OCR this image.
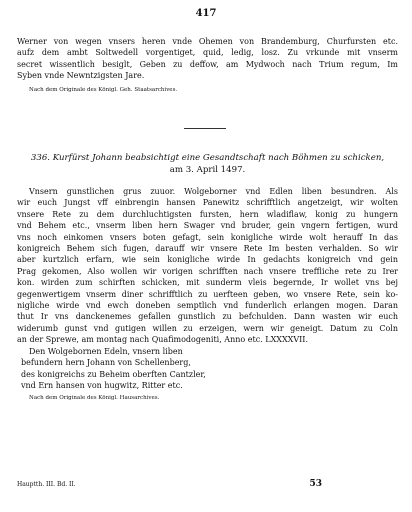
417
Werner von wegen vnsers heren vnde Ohemen von Brandemburg, Churfursten etc.
aufz dem ambt Soltwedell vorgentiget, quid, ledig, losz. Zu vrkunde mit vnserm
secret wissentlich besiglt, Geben zu deffow, am Mydwoch nach Trium regum, Im
Syben vnde Newntzigsten Jare.
Nach dem Originale des Königl. Geh. Staatsarchives.
336. Kurfürst Johann beabsichtigt eine Gesandtschaft nach Böhmen zu schicken,
am 3. April 1497.
Vnsern gunstlichen grus zuuor. Wolgeborner vnd Edlen liben besundren. Als
wir euch Jungst vff einbrengin hansen Panewitz schrifftlich angetzeigt, wir wolten
vnsere Rete zu dem durchluchtigsten fursten, hern wladiflaw, konig zu hungern
vnd Behem etc., vnserm liben hern Swager vnd bruder, gein vngern fertigen, wurd
vns noch einkomen vnsers boten gefagt, sein konigliche wirde wolt herauff In das
konigreich Behem sich fugen, darauff wir vnsere Rete Im besten verhalden. So wir
aber kurtzlich erfarn, wie sein konigliche wirde In gedachts konigreich vnd gein
Prag gekomen, Also wollen wir vorigen schrifften nach vnsere treffliche rete zu Irer
kon. wirden zum schirften schicken, mit sunderm vleis begernde, Ir wollet vns bej
gegenwertigem vnserm diner schrifftlich zu uerfteen geben, wo vnsere Rete, sein ko-
nigliche wirde vnd ewch doneben semptlich vnd funderlich erlangen mogen. Daran
thut Ir vns danckenemes gefallen gunstlich zu befchulden. Dann wasten wir euch
widerumb gunst vnd gutigen willen zu erzeigen, wern wir geneigt. Datum zu Coln
an der Sprewe, am montag nach Quafimodogeniti, Anno etc. LXXXXVII.
Den Wolgebornen Edeln, vnsern liben
befundern hern Johann von Schellenberg,
des konigreichs zu Beheim oberften Cantzler,
vnd Ern hansen von hugwitz, Ritter etc.
Nach dem Originale des Königl. Hausarchives.
Hauptth. III. Bd. II.	53
